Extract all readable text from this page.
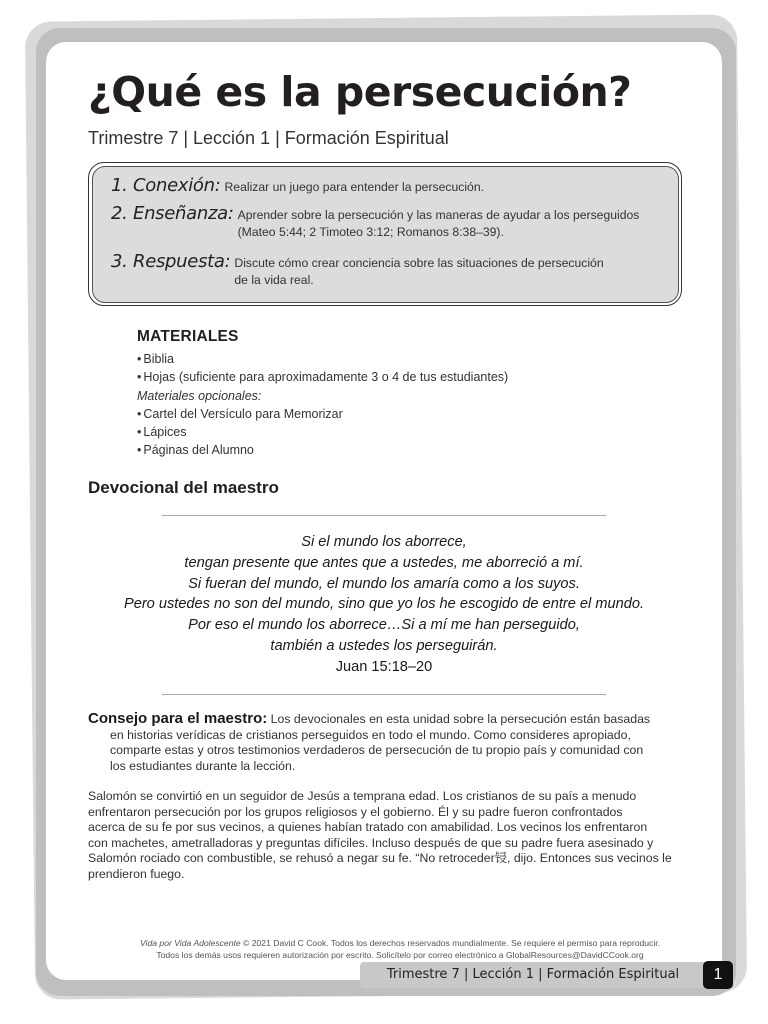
¿Qué es la persecución?

Trimestre 7 | Lección 1 | Formación Espiritual

1. Conexión: Realizar un juego para entender la persecución.
2. Enseñanza: Aprender sobre la persecución y las maneras de ayudar a los perseguidos
(Mateo 5:44; 2 Timoteo 3:12; Romanos 8:38–39).
3. Respuesta: Discute cómo crear conciencia sobre las situaciones de persecución
de la vida real.
MATERIALES
• Biblia
• Hojas (suficiente para aproximadamente 3 o 4 de tus estudiantes)
Materiales opcionales:
• Cartel del Versículo para Memorizar
• Lápices
• Páginas del Alumno
Devocional del maestro
Si el mundo los aborrece,
tengan presente que antes que a ustedes, me aborreció a mí.
Si fueran del mundo, el mundo los amaría como a los suyos.
Pero ustedes no son del mundo, sino que yo los he escogido de entre el mundo.
Por eso el mundo los aborrece…Si a mí me han perseguido,
también a ustedes los perseguirán.
Juan 15:18–20
Consejo para el maestro: Los devocionales en esta unidad sobre la persecución están basadas
en historias verídicas de cristianos perseguidos en todo el mundo. Como consideres apropiado,
comparte estas y otros testimonios verdaderos de persecución de tu propio país y comunidad con
los estudiantes durante la lección.
Salomón se convirtió en un seguidor de Jesús a temprana edad. Los cristianos de su país a menudo
enfrentaron persecución por los grupos religiosos y el gobierno. Él y su padre fueron confrontados
acerca de su fe por sus vecinos, a quienes habían tratado con amabilidad. Los vecinos los enfrentaron
con machetes, ametralladoras y preguntas difíciles. Incluso después de que su padre fuera asesinado y
Salomón rociado con combustible, se rehusó a negar su fe. “No retroceder锓, dijo. Entonces sus vecinos le
prendieron fuego.
Vida por Vida Adolescente © 2021 David C Cook. Todos los derechos reservados mundialmente. Se requiere el permiso para reproducir.
Todos los demás usos requieren autorización por escrito. Solicítelo por correo electrónico a GlobalResources@DavidCCook.org
Trimestre 7 | Lección 1 | Formación Espiritual	1
